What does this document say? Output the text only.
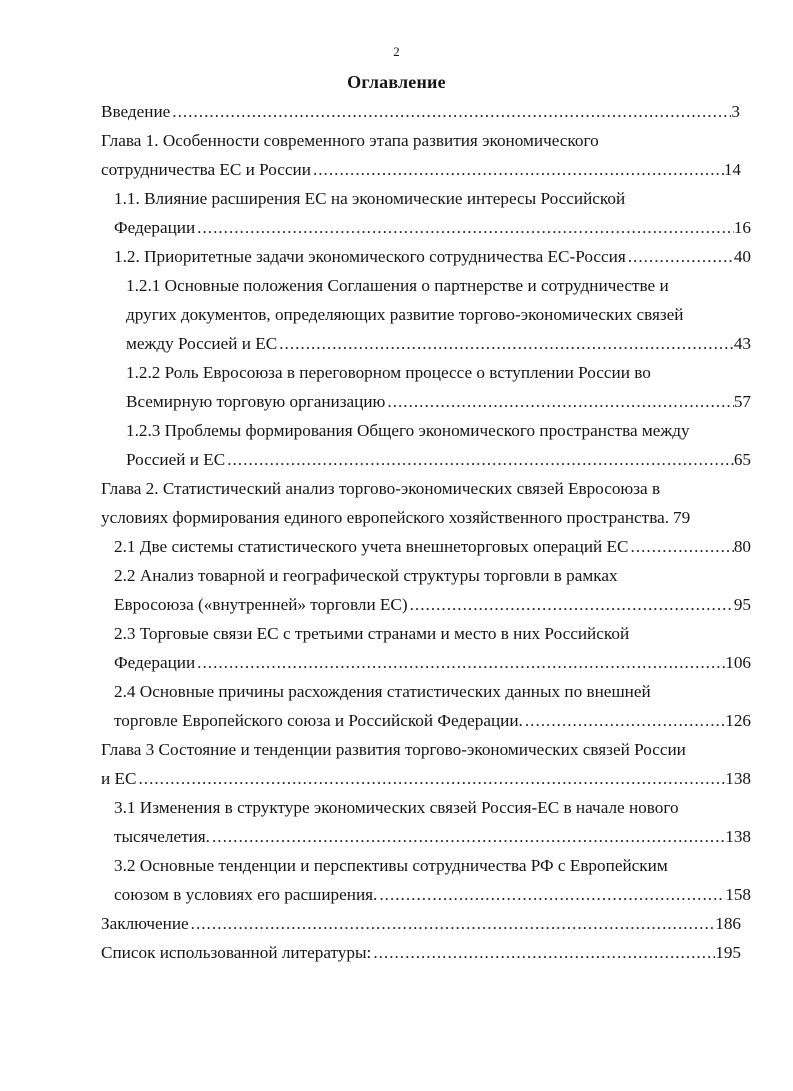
2
Оглавление
Введение .....	3
Глава 1. Особенности современного этапа развития экономического
сотрудничества ЕС и России .....	14
1.1. Влияние расширения ЕС на экономические интересы Российской
Федерации .....	16
1.2. Приоритетные задачи экономического сотрудничества ЕС-Россия .....	40
1.2.1 Основные положения Соглашения о партнерстве и сотрудничестве и
других документов, определяющих развитие торгово-экономических связей
между Россией и ЕС .....	43
1.2.2 Роль Евросоюза в переговорном процессе о вступлении России во
Всемирную торговую организацию .....	57
1.2.3 Проблемы формирования Общего экономического пространства между
Россией и ЕС .....	65
Глава 2. Статистический анализ торгово-экономических связей Евросоюза в
условиях формирования единого европейского хозяйственного пространства. 79
2.1 Две системы статистического учета внешнеторговых операций ЕС .....	80
2.2 Анализ товарной и географической структуры торговли в рамках
Евросоюза («внутренней» торговли ЕС) .....	95
2.3 Торговые связи ЕС с третьими странами и место в них Российской
Федерации .....	106
2.4 Основные причины расхождения статистических данных по внешней
торговле Европейского союза и Российской Федерации. .....	126
Глава 3 Состояние и тенденции развития торгово-экономических связей России
и ЕС .....	138
3.1 Изменения в структуре экономических связей Россия-ЕС в начале нового
тысячелетия. .....	138
3.2 Основные тенденции и перспективы сотрудничества РФ с Европейским
союзом в условиях его расширения. .....	158
Заключение .....	186
Список использованной литературы: .....	195
